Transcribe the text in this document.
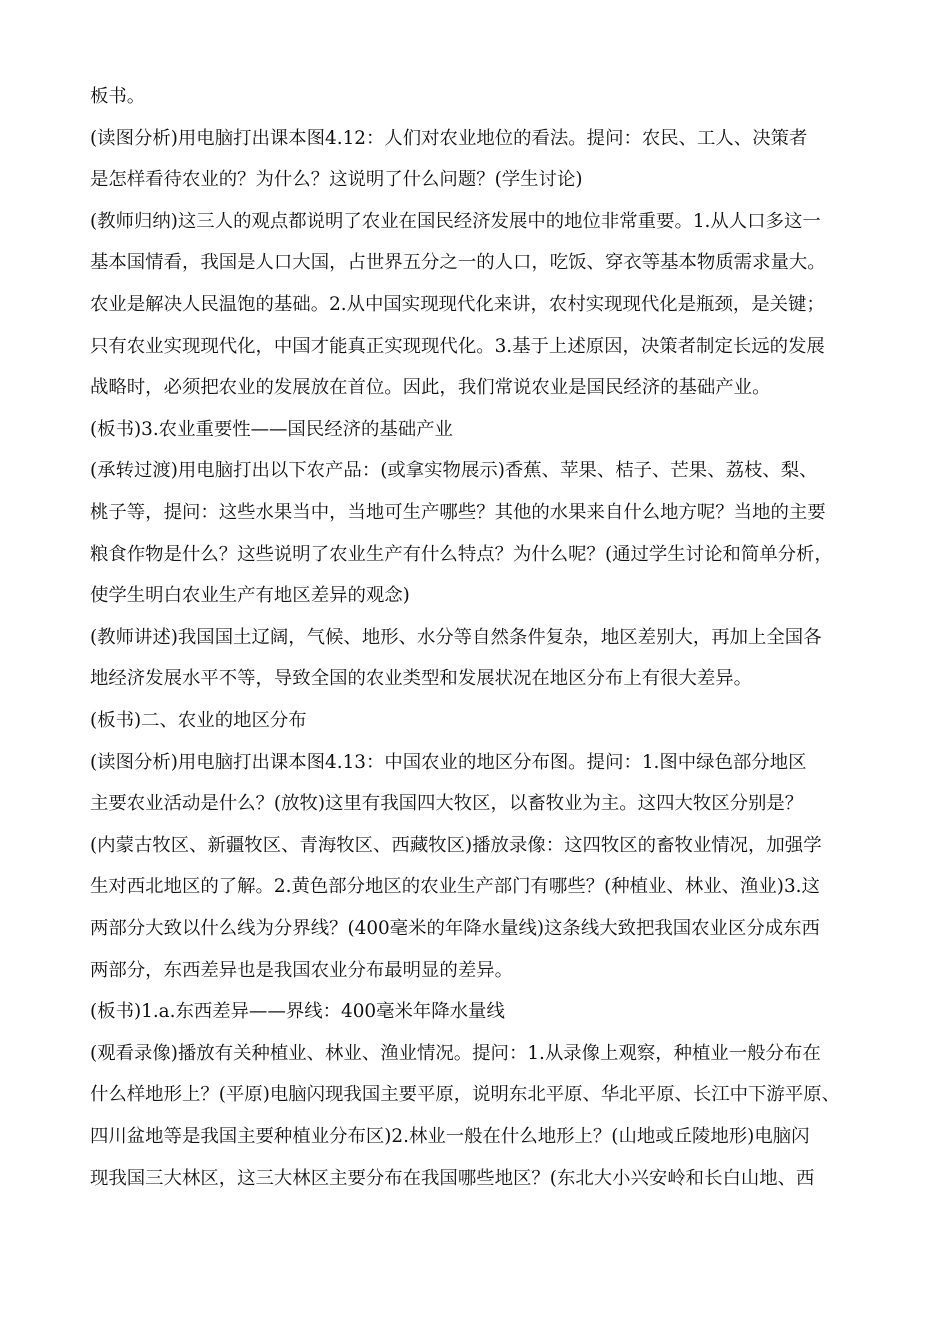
板书。
(读图分析)用电脑打出课本图4.12：人们对农业地位的看法。提问：农民、工人、决策者
是怎样看待农业的？为什么？这说明了什么问题？(学生讨论)
(教师归纳)这三人的观点都说明了农业在国民经济发展中的地位非常重要。1.从人口多这一
基本国情看，我国是人口大国，占世界五分之一的人口，吃饭、穿衣等基本物质需求量大。
农业是解决人民温饱的基础。2.从中国实现现代化来讲，农村实现现代化是瓶颈，是关键；
只有农业实现现代化，中国才能真正实现现代化。3.基于上述原因，决策者制定长远的发展
战略时，必须把农业的发展放在首位。因此，我们常说农业是国民经济的基础产业。
(板书)3.农业重要性——国民经济的基础产业
(承转过渡)用电脑打出以下农产品：(或拿实物展示)香蕉、苹果、桔子、芒果、荔枝、梨、
桃子等，提问：这些水果当中，当地可生产哪些？其他的水果来自什么地方呢？当地的主要
粮食作物是什么？这些说明了农业生产有什么特点？为什么呢？(通过学生讨论和简单分析，
使学生明白农业生产有地区差异的观念)
(教师讲述)我国国土辽阔，气候、地形、水分等自然条件复杂，地区差别大，再加上全国各
地经济发展水平不等，导致全国的农业类型和发展状况在地区分布上有很大差异。
(板书)二、农业的地区分布
(读图分析)用电脑打出课本图4.13：中国农业的地区分布图。提问：1.图中绿色部分地区
主要农业活动是什么？(放牧)这里有我国四大牧区，以畜牧业为主。这四大牧区分别是？
(内蒙古牧区、新疆牧区、青海牧区、西藏牧区)播放录像：这四牧区的畜牧业情况，加强学
生对西北地区的了解。2.黄色部分地区的农业生产部门有哪些？(种植业、林业、渔业)3.这
两部分大致以什么线为分界线？(400毫米的年降水量线)这条线大致把我国农业区分成东西
两部分，东西差异也是我国农业分布最明显的差异。
(板书)1.a.东西差异——界线：400毫米年降水量线
(观看录像)播放有关种植业、林业、渔业情况。提问：1.从录像上观察，种植业一般分布在
什么样地形上？(平原)电脑闪现我国主要平原，说明东北平原、华北平原、长江中下游平原、
四川盆地等是我国主要种植业分布区)2.林业一般在什么地形上？(山地或丘陵地形)电脑闪
现我国三大林区，这三大林区主要分布在我国哪些地区？(东北大小兴安岭和长白山地、西
